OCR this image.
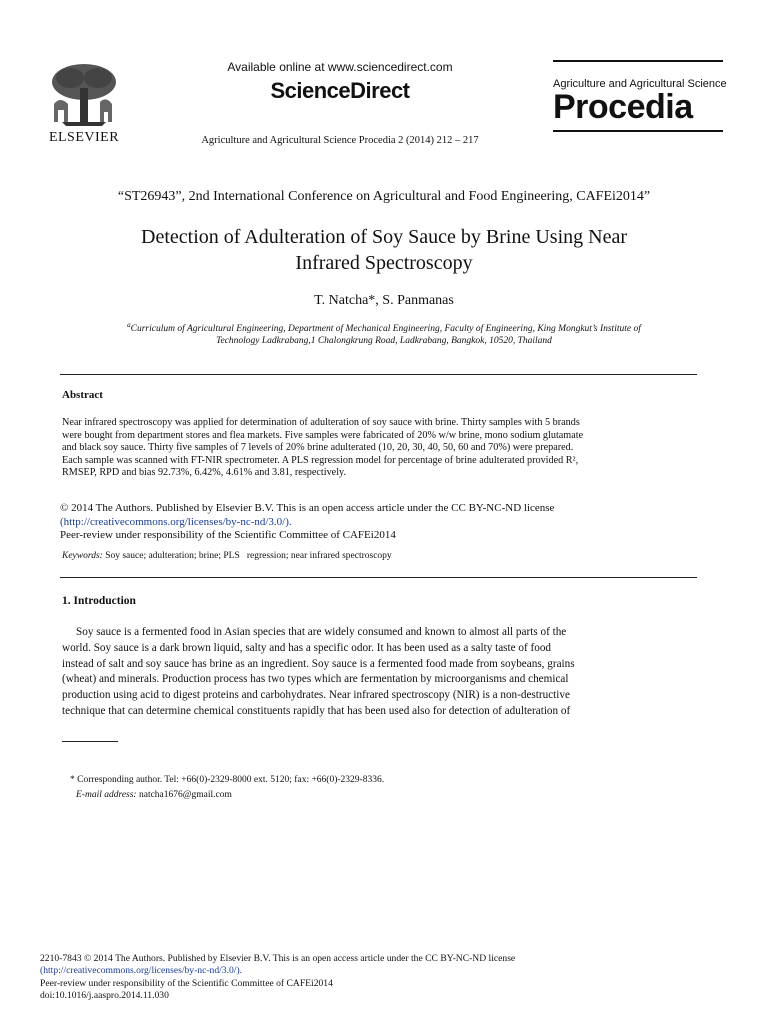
ELSEVIER
Available online at www.sciencedirect.com
ScienceDirect
Agriculture and Agricultural Science Procedia 2 (2014) 212 – 217
Agriculture and Agricultural Science
Procedia
“ST26943”, 2nd International Conference on Agricultural and Food Engineering, CAFEi2014”
Detection of Adulteration of Soy Sauce by Brine Using Near
Infrared Spectroscopy
T. Natcha*, S. Panmanas
$^a$Curriculum of Agricultural Engineering, Department of Mechanical Engineering, Faculty of Engineering, King Mongkut’s Institute of
Technology Ladkrabang,1 Chalongkrung Road, Ladkrabang, Bangkok, 10520, Thailand
Abstract
Near infrared spectroscopy was applied for determination of adulteration of soy sauce with brine. Thirty samples with 5 brands
were bought from department stores and flea markets. Five samples were fabricated of 20% w/w brine, mono sodium glutamate
and black soy sauce. Thirty five samples of 7 levels of 20% brine adulterated (10, 20, 30, 40, 50, 60 and 70%) were prepared.
Each sample was scanned with FT-NIR spectrometer. A PLS regression model for percentage of brine adulterated provided R²,
RMSEP, RPD and bias 92.73%, 6.42%, 4.61% and 3.81, respectively.
© 2014 The Authors. Published by Elsevier B.V. This is an open access article under the CC BY-NC-ND license
(http://creativecommons.org/licenses/by-nc-nd/3.0/).
Peer-review under responsibility of the Scientific Committee of CAFEi2014
Keywords: Soy sauce; adulteration; brine; PLS   regression; near infrared spectroscopy
1. Introduction
Soy sauce is a fermented food in Asian species that are widely consumed and known to almost all parts of the
world. Soy sauce is a dark brown liquid, salty and has a specific odor. It has been used as a salty taste of food
instead of salt and soy sauce has brine as an ingredient. Soy sauce is a fermented food made from soybeans, grains
(wheat) and minerals. Production process has two types which are fermentation by microorganisms and chemical
production using acid to digest proteins and carbohydrates. Near infrared spectroscopy (NIR) is a non-destructive
technique that can determine chemical constituents rapidly that has been used also for detection of adulteration of
* Corresponding author. Tel: +66(0)-2329-8000 ext. 5120; fax: +66(0)-2329-8336.
E-mail address: natcha1676@gmail.com
2210-7843 © 2014 The Authors. Published by Elsevier B.V. This is an open access article under the CC BY-NC-ND license
(http://creativecommons.org/licenses/by-nc-nd/3.0/).
Peer-review under responsibility of the Scientific Committee of CAFEi2014
doi:10.1016/j.aaspro.2014.11.030
